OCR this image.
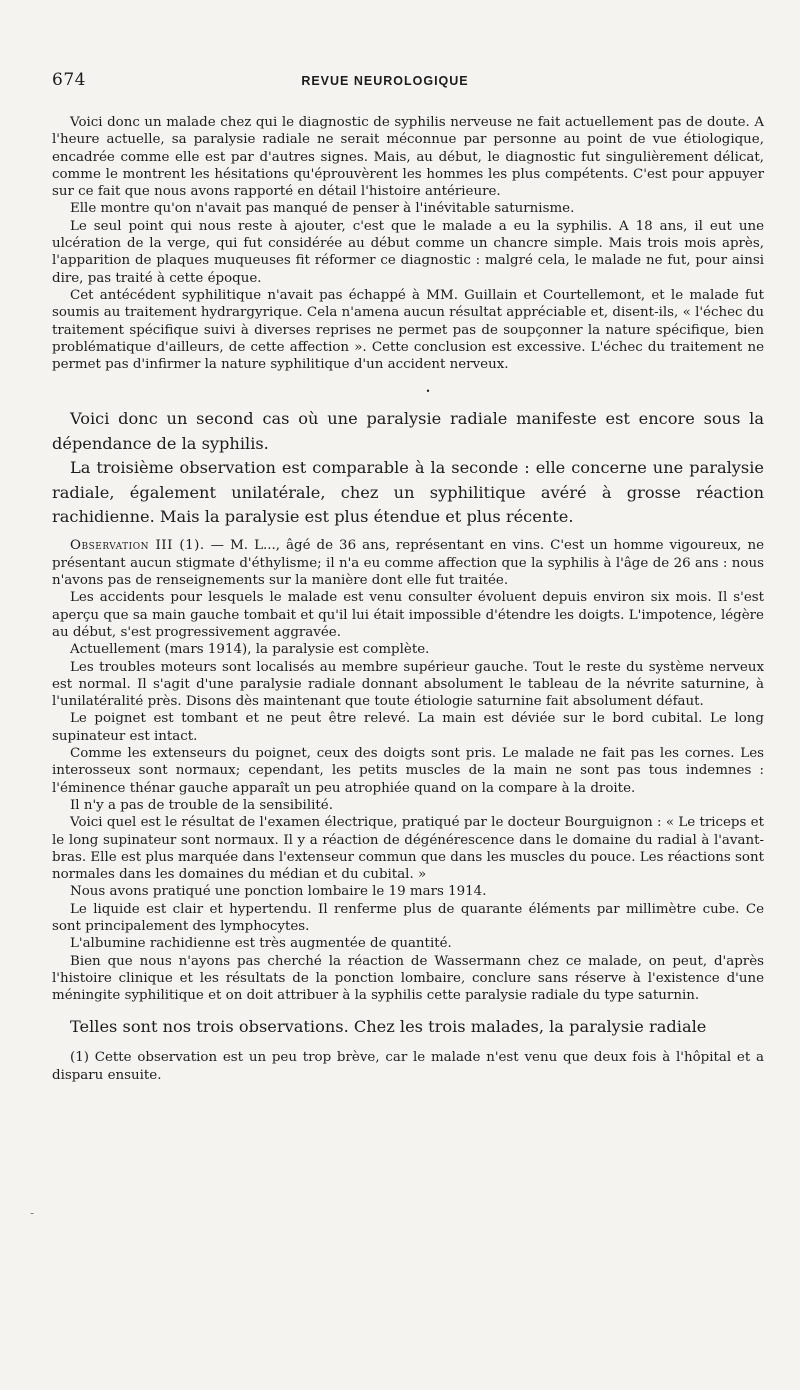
674	REVUE NEUROLOGIQUE

Voici donc un malade chez qui le diagnostic de syphilis nerveuse ne fait actuellement pas de doute. A l'heure actuelle, sa paralysie radiale ne serait méconnue par personne au point de vue étiologique, encadrée comme elle est par d'autres signes. Mais, au début, le diagnostic fut singulièrement délicat, comme le montrent les hésitations qu'éprouvèrent les hommes les plus compétents. C'est pour appuyer sur ce fait que nous avons rapporté en détail l'histoire antérieure.

Elle montre qu'on n'avait pas manqué de penser à l'inévitable saturnisme.

Le seul point qui nous reste à ajouter, c'est que le malade a eu la syphilis. A 18 ans, il eut une ulcération de la verge, qui fut considérée au début comme un chancre simple. Mais trois mois après, l'apparition de plaques muqueuses fit réformer ce diagnostic : malgré cela, le malade ne fut, pour ainsi dire, pas traité à cette époque.

Cet antécédent syphilitique n'avait pas échappé à MM. Guillain et Courtellemont, et le malade fut soumis au traitement hydrargyrique. Cela n'amena aucun résultat appréciable et, disent-ils, « l'échec du traitement spécifique suivi à diverses reprises ne permet pas de soupçonner la nature spécifique, bien problématique d'ailleurs, de cette affection ». Cette conclusion est excessive. L'échec du traitement ne permet pas d'infirmer la nature syphilitique d'un accident nerveux.

•

Voici donc un second cas où une paralysie radiale manifeste est encore sous la dépendance de la syphilis.

La troisième observation est comparable à la seconde : elle concerne une paralysie radiale, également unilatérale, chez un syphilitique avéré à grosse réaction rachidienne. Mais la paralysie est plus étendue et plus récente.

Observation III (1). — M. L..., âgé de 36 ans, représentant en vins. C'est un homme vigoureux, ne présentant aucun stigmate d'éthylisme; il n'a eu comme affection que la syphilis à l'âge de 26 ans : nous n'avons pas de renseignements sur la manière dont elle fut traitée.

Les accidents pour lesquels le malade est venu consulter évoluent depuis environ six mois. Il s'est aperçu que sa main gauche tombait et qu'il lui était impossible d'étendre les doigts. L'impotence, légère au début, s'est progressivement aggravée.

Actuellement (mars 1914), la paralysie est complète.

Les troubles moteurs sont localisés au membre supérieur gauche. Tout le reste du système nerveux est normal. Il s'agit d'une paralysie radiale donnant absolument le tableau de la névrite saturnine, à l'unilatéralité près. Disons dès maintenant que toute étiologie saturnine fait absolument défaut.

Le poignet est tombant et ne peut être relevé. La main est déviée sur le bord cubital. Le long supinateur est intact.

Comme les extenseurs du poignet, ceux des doigts sont pris. Le malade ne fait pas les cornes. Les interosseux sont normaux; cependant, les petits muscles de la main ne sont pas tous indemnes : l'éminence thénar gauche apparaît un peu atrophiée quand on la compare à la droite.

Il n'y a pas de trouble de la sensibilité.

Voici quel est le résultat de l'examen électrique, pratiqué par le docteur Bourguignon : « Le triceps et le long supinateur sont normaux. Il y a réaction de dégénérescence dans le domaine du radial à l'avant-bras. Elle est plus marquée dans l'extenseur commun que dans les muscles du pouce. Les réactions sont normales dans les domaines du médian et du cubital. »

Nous avons pratiqué une ponction lombaire le 19 mars 1914.

Le liquide est clair et hypertendu. Il renferme plus de quarante éléments par millimètre cube. Ce sont principalement des lymphocytes.

L'albumine rachidienne est très augmentée de quantité.

Bien que nous n'ayons pas cherché la réaction de Wassermann chez ce malade, on peut, d'après l'histoire clinique et les résultats de la ponction lombaire, conclure sans réserve à l'existence d'une méningite syphilitique et on doit attribuer à la syphilis cette paralysie radiale du type saturnin.

Telles sont nos trois observations. Chez les trois malades, la paralysie radiale

(1) Cette observation est un peu trop brève, car le malade n'est venu que deux fois à l'hôpital et a disparu ensuite.

-
